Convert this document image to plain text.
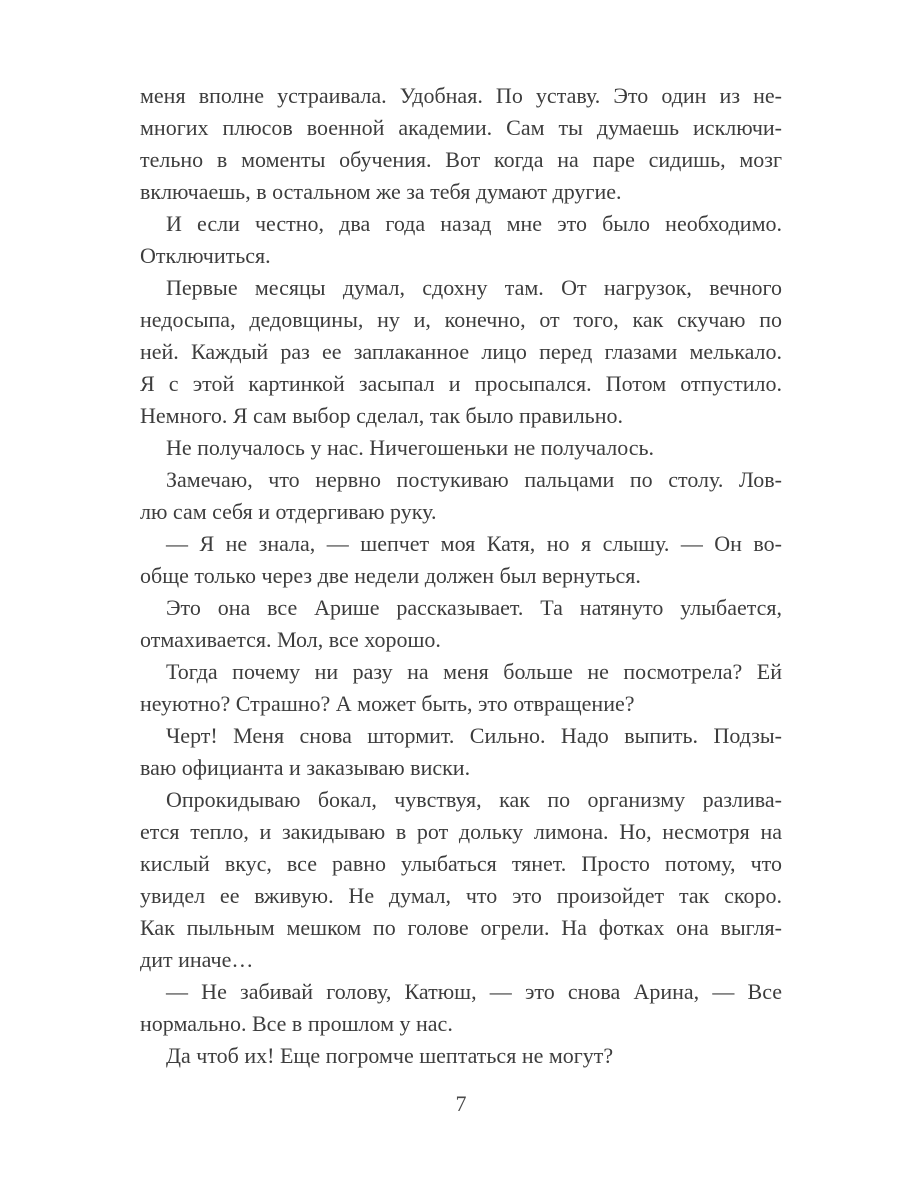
меня вполне устраивала. Удобная. По уставу. Это один из не-
многих плюсов военной академии. Сам ты думаешь исключи-
тельно в моменты обучения. Вот когда на паре сидишь, мозг
включаешь, в остальном же за тебя думают другие.
И если честно, два года назад мне это было необходимо.
Отключиться.
Первые месяцы думал, сдохну там. От нагрузок, вечного
недосыпа, дедовщины, ну и, конечно, от того, как скучаю по
ней. Каждый раз ее заплаканное лицо перед глазами мелькало.
Я с этой картинкой засыпал и просыпался. Потом отпустило.
Немного. Я сам выбор сделал, так было правильно.
Не получалось у нас. Ничегошеньки не получалось.
Замечаю, что нервно постукиваю пальцами по столу. Лов-
лю сам себя и отдергиваю руку.
— Я не знала, — шепчет моя Катя, но я слышу. — Он во-
обще только через две недели должен был вернуться.
Это она все Арише рассказывает. Та натянуто улыбается,
отмахивается. Мол, все хорошо.
Тогда почему ни разу на меня больше не посмотрела? Ей
неуютно? Страшно? А может быть, это отвращение?
Черт! Меня снова штормит. Сильно. Надо выпить. Подзы-
ваю официанта и заказываю виски.
Опрокидываю бокал, чувствуя, как по организму разлива-
ется тепло, и закидываю в рот дольку лимона. Но, несмотря на
кислый вкус, все равно улыбаться тянет. Просто потому, что
увидел ее вживую. Не думал, что это произойдет так скоро.
Как пыльным мешком по голове огрели. На фотках она выгля-
дит иначе…
— Не забивай голову, Катюш, — это снова Арина, — Все
нормально. Все в прошлом у нас.
Да чтоб их! Еще погромче шептаться не могут?
7
